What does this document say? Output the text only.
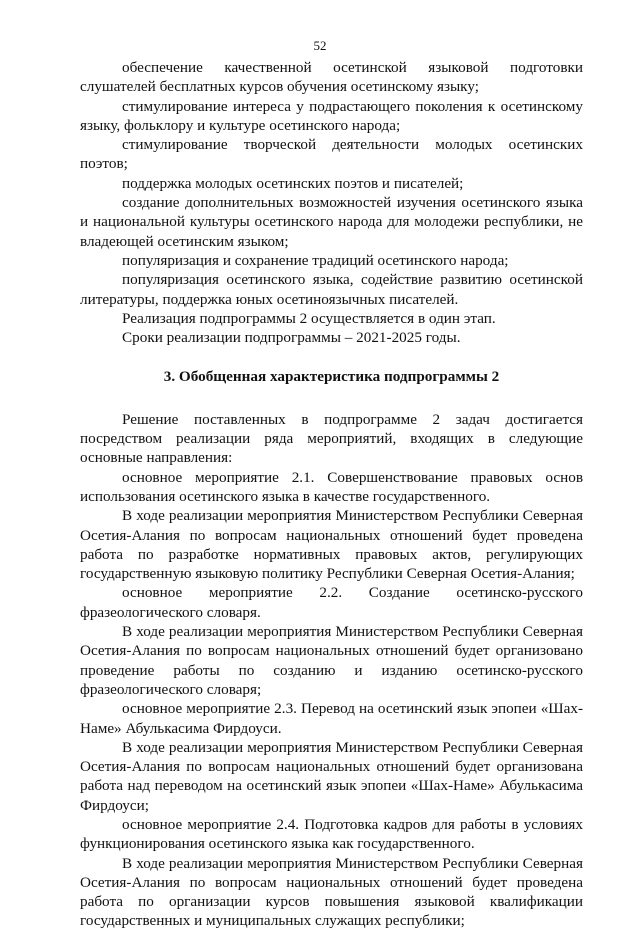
52

обеспечение качественной осетинской языковой подготовки слушателей бесплатных курсов обучения осетинскому языку;

стимулирование интереса у подрастающего поколения к осетинскому языку, фольклору и культуре осетинского народа;

стимулирование творческой деятельности молодых осетинских поэтов;

поддержка молодых осетинских поэтов и писателей;

создание дополнительных возможностей изучения осетинского языка и национальной культуры осетинского народа для молодежи республики, не владеющей осетинским языком;

популяризация и сохранение традиций осетинского народа;

популяризация осетинского языка, содействие развитию осетинской литературы, поддержка юных осетиноязычных писателей.

Реализация подпрограммы 2 осуществляется в один этап.

Сроки реализации подпрограммы – 2021-2025 годы.

3. Обобщенная характеристика подпрограммы 2

Решение поставленных в подпрограмме 2 задач достигается посредством реализации ряда мероприятий, входящих в следующие основные направления:

основное мероприятие 2.1. Совершенствование правовых основ использования осетинского языка в качестве государственного.

В ходе реализации мероприятия Министерством Республики Северная Осетия-Алания по вопросам национальных отношений будет проведена работа по разработке нормативных правовых актов, регулирующих государственную языковую политику Республики Северная Осетия-Алания;

основное мероприятие 2.2. Создание осетинско-русского фразеологического словаря.

В ходе реализации мероприятия Министерством Республики Северная Осетия-Алания по вопросам национальных отношений будет организовано проведение работы по созданию и изданию осетинско-русского фразеологического словаря;

основное мероприятие 2.3. Перевод на осетинский язык эпопеи «Шах-Наме» Абулькасима Фирдоуси.

В ходе реализации мероприятия Министерством Республики Северная Осетия-Алания по вопросам национальных отношений будет организована работа над переводом на осетинский язык эпопеи «Шах-Наме» Абулькасима Фирдоуси;

основное мероприятие 2.4. Подготовка кадров для работы в условиях функционирования осетинского языка как государственного.

В ходе реализации мероприятия Министерством Республики Северная Осетия-Алания по вопросам национальных отношений будет проведена работа по организации курсов повышения языковой квалификации государственных и муниципальных служащих республики;
